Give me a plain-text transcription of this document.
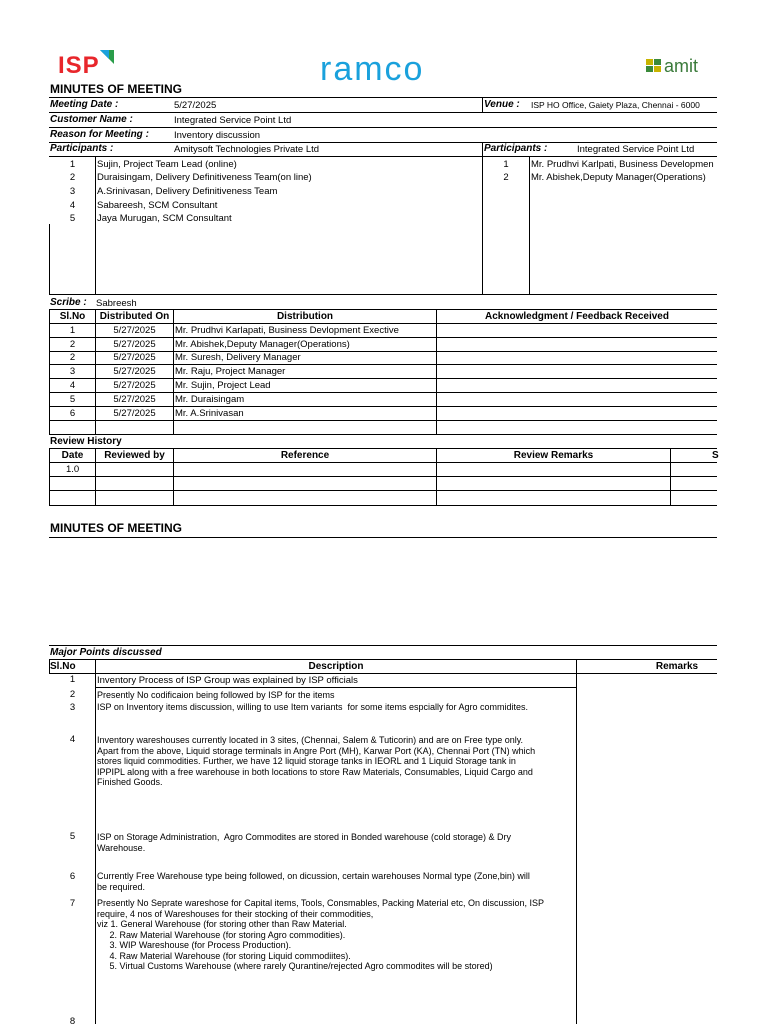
ISP	ramco	amit
MINUTES OF MEETING
Meeting Date :	5/27/2025	Venue : ISP HO Office, Gaiety Plaza, Chennai - 6000
Customer Name :	Integrated Service Point Ltd
Reason for Meeting :	Inventory discussion
Participants :	Amitysoft Technologies Private Ltd	Participants :	Integrated Service Point Ltd
1	Sujin, Project Team Lead (online)
2	Duraisingam, Delivery Definitiveness Team(on line)
3	A.Srinivasan, Delivery Definitiveness Team
4	Sabareesh, SCM Consultant
5	Jaya Murugan, SCM Consultant
1	Mr. Prudhvi Karlpati, Business Developmen
2	Mr. Abishek,Deputy Manager(Operations)
Scribe : Sabreesh
Sl.No	Distributed On	Distribution	Acknowledgment / Feedback Received
1	5/27/2025	Mr. Prudhvi Karlapati, Business Devlopment Exective
2	5/27/2025	Mr. Abishek,Deputy Manager(Operations)
2	5/27/2025	Mr. Suresh, Delivery Manager
3	5/27/2025	Mr. Raju, Project Manager
4	5/27/2025	Mr. Sujin, Project Lead
5	5/27/2025	Mr. Duraisingam
6	5/27/2025	Mr. A.Srinivasan
Review History
Date	Reviewed by	Reference	Review Remarks	S
1.0
MINUTES OF MEETING
Major Points discussed
Sl.No	Description	Remarks
1	Inventory Process of ISP Group was explained by ISP officials
2	Presently No codificaion being followed by ISP for the items
3	ISP on Inventory items discussion, willing to use Item variants  for some items espcially for Agro commidites.
4	Inventory wareshouses currently located in 3 sites, (Chennai, Salem & Tuticorin) and are on Free type only.
Apart from the above, Liquid storage terminals in Angre Port (MH), Karwar Port (KA), Chennai Port (TN) which
stores liquid commodities. Further, we have 12 liquid storage tanks in IEORL and 1 Liquid Storage tank in
IPPIPL along with a free warehouse in both locations to store Raw Materials, Consumables, Liquid Cargo and
Finished Goods.
5	ISP on Storage Administration,  Agro Commodites are stored in Bonded warehouse (cold storage) & Dry
Warehouse.
6	Currently Free Warehouse type being followed, on dicussion, certain warehouses Normal type (Zone,bin) will
be required.
7	Presently No Seprate wareshose for Capital items, Tools, Consmables, Packing Material etc, On discussion, ISP
require, 4 nos of Wareshouses for their stocking of their commodities,
viz 1. General Warehouse (for storing other than Raw Material.
2. Raw Material Warehouse (for storing Agro commodities).
3. WIP Wareshouse (for Process Production).
4. Raw Material Warehouse (for storing Liquid commodiites).
5. Virtual Customs Warehouse (where rarely Qurantine/rejected Agro commodites will be stored)
8
